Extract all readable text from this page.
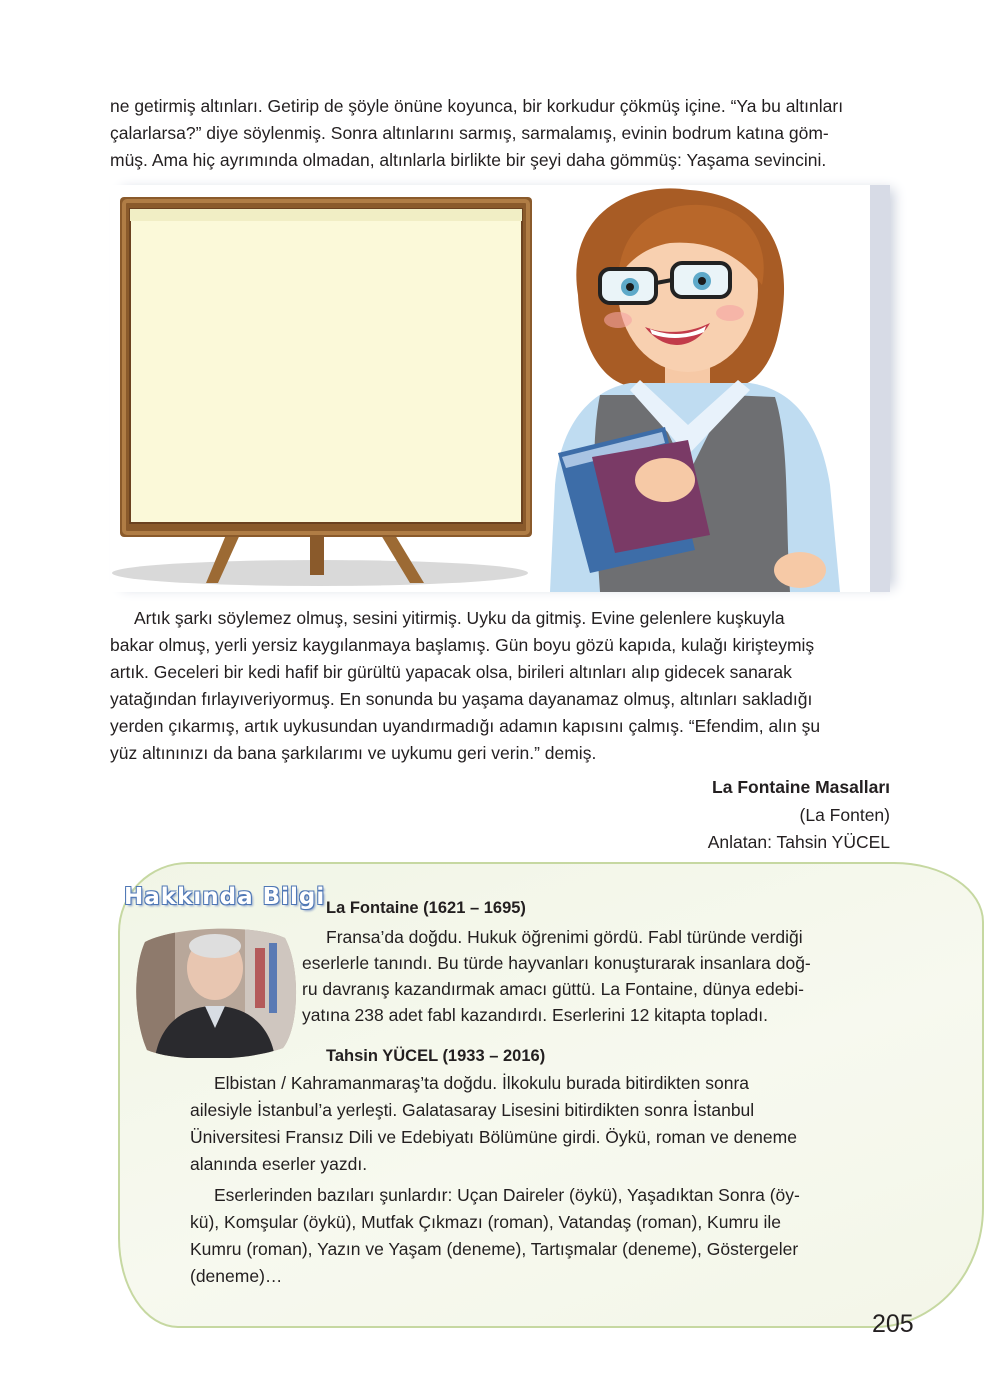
ne getirmiş altınları. Getirip de şöyle önüne koyunca, bir korkudur çökmüş içine. “Ya bu altınları
çalarlarsa?” diye söylenmiş. Sonra altınlarını sarmış, sarmalamış, evinin bodrum katına göm-
müş. Ama hiç ayrımında olmadan, altınlarla birlikte bir şeyi daha gömmüş: Yaşama sevincini.
Artık şarkı söylemez olmuş, sesini yitirmiş. Uyku da gitmiş. Evine gelenlere kuşkuyla
bakar olmuş, yerli yersiz kaygılanmaya başlamış. Gün boyu gözü kapıda, kulağı kirişteymiş
artık. Geceleri bir kedi hafif bir gürültü yapacak olsa, birileri altınları alıp gidecek sanarak
yatağından fırlayıveriyormuş. En sonunda bu yaşama dayanamaz olmuş, altınları sakladığı
yerden çıkarmış, artık uykusundan uyandırmadığı adamın kapısını çalmış. “Efendim, alın şu
yüz altınınızı da bana şarkılarımı ve uykumu geri verin.” demiş.
La Fontaine Masalları
(La Fonten)
Anlatan: Tahsin YÜCEL
Hakkında Bilgi La Fontaine (1621 – 1695)
Fransa’da doğdu. Hukuk öğrenimi gördü. Fabl türünde verdiği
eserlerle tanındı. Bu türde hayvanları konuşturarak insanlara doğ-
ru davranış kazandırmak amacı güttü. La Fontaine, dünya edebi-
yatına 238 adet fabl kazandırdı. Eserlerini 12 kitapta topladı.
Tahsin YÜCEL (1933 – 2016)
Elbistan / Kahramanmaraş’ta doğdu. İlkokulu burada bitirdikten sonra
ailesiyle İstanbul’a yerleşti. Galatasaray Lisesini bitirdikten sonra İstanbul
Üniversitesi Fransız Dili ve Edebiyatı Bölümüne girdi. Öykü, roman ve deneme
alanında eserler yazdı.
Eserlerinden bazıları şunlardır: Uçan Daireler (öykü), Yaşadıktan Sonra (öy-
kü), Komşular (öykü), Mutfak Çıkmazı (roman), Vatandaş (roman), Kumru ile
Kumru (roman), Yazın ve Yaşam (deneme), Tartışmalar (deneme), Göstergeler
(deneme)…
205
